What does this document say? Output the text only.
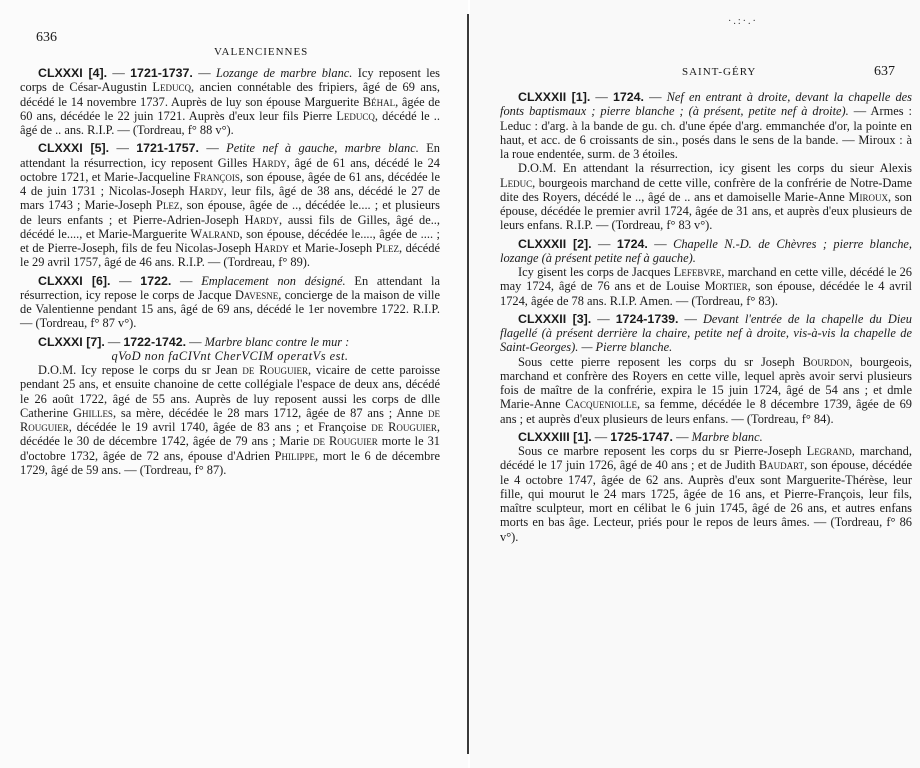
636
VALENCIENNES

CLXXXI [4]. — 1721-1737. — Lozange de marbre blanc. Icy reposent les corps de César-Augustin Leducq, ancien connétable des fripiers, âgé de 69 ans, décédé le 14 novembre 1737. Auprès de luy son épouse Marguerite Béhal, âgée de 60 ans, décédée le 22 juin 1721. Auprès d'eux leur fils Pierre Leducq, décédé le .. âgé de .. ans. R.I.P. — (Tordreau, f° 88 v°).

CLXXXI [5]. — 1721-1757. — Petite nef à gauche, marbre blanc. En attendant la résurrection, icy reposent Gilles Hardy, âgé de 61 ans, décédé le 24 octobre 1721, et Marie-Jacqueline François, son épouse, âgée de 61 ans, décédée le 4 de juin 1731 ; Nicolas-Joseph Hardy, leur fils, âgé de 38 ans, décédé le 27 de mars 1743 ; Marie-Joseph Plez, son épouse, âgée de .., décédée le.... ; et plusieurs de leurs enfants ; et Pierre-Adrien-Joseph Hardy, aussi fils de Gilles, âgé de.., décédé le...., et Marie-Marguerite Walrand, son épouse, décédée le...., âgée de .... ; et de Pierre-Joseph, fils de feu Nicolas-Joseph Hardy et Marie-Joseph Plez, décédé le 29 avril 1757, âgé de 46 ans. R.I.P. — (Tordreau, f° 89).

CLXXXI [6]. — 1722. — Emplacement non désigné. En attendant la résurrection, icy repose le corps de Jacque Davesne, concierge de la maison de ville de Valentienne pendant 15 ans, âgé de 69 ans, décédé le 1er novembre 1722. R.I.P. — (Tordreau, f° 87 v°).

CLXXXI [7]. — 1722-1742. — Marbre blanc contre le mur :

qVoD non faCIVnt CherVCIM operatVs est.

D.O.M. Icy repose le corps du sr Jean de Rouguier, vicaire de cette paroisse pendant 25 ans, et ensuite chanoine de cette collégiale l'espace de deux ans, décédé le 26 août 1722, âgé de 55 ans. Auprès de luy reposent aussi les corps de dlle Catherine Ghilles, sa mère, décédée le 28 mars 1712, âgée de 87 ans ; Anne de Rouguier, décédée le 19 avril 1740, âgée de 83 ans ; et Françoise de Rouguier, décédée le 30 de décembre 1742, âgée de 79 ans ; Marie de Rouguier morte le 31 d'octobre 1732, âgée de 72 ans, épouse d'Adrien Philippe, mort le 6 de décembre 1729, âgé de 59 ans. — (Tordreau, f° 87).

·.:·.·
SAINT-GÉRY	637

CLXXXII [1]. — 1724. — Nef en entrant à droite, devant la chapelle des fonts baptismaux ; pierre blanche ; (à présent, petite nef à droite). — Armes : Leduc : d'arg. à la bande de gu. ch. d'une épée d'arg. emmanchée d'or, la pointe en haut, et acc. de 6 croissants de sin., posés dans le sens de la bande. — Miroux : à la roue endentée, surm. de 3 étoiles.

D.O.M. En attendant la résurrection, icy gisent les corps du sieur Alexis Leduc, bourgeois marchand de cette ville, confrère de la confrérie de Notre-Dame dite des Royers, décédé le .., âgé de .. ans et damoiselle Marie-Anne Miroux, son épouse, décédée le premier avril 1724, âgée de 31 ans, et auprès d'eux plusieurs de leurs enfans. R.I.P. — (Tordreau, f° 83 v°).

CLXXXII [2]. — 1724. — Chapelle N.-D. de Chèvres ; pierre blanche, lozange (à présent petite nef à gauche).

Icy gisent les corps de Jacques Lefebvre, marchand en cette ville, décédé le 26 may 1724, âgé de 76 ans et de Louise Mortier, son épouse, décédée le 4 avril 1724, âgée de 78 ans. R.I.P. Amen. — (Tordreau, f° 83).

CLXXXII [3]. — 1724-1739. — Devant l'entrée de la chapelle du Dieu flagellé (à présent derrière la chaire, petite nef à droite, vis-à-vis la chapelle de Saint-Georges). — Pierre blanche.

Sous cette pierre reposent les corps du sr Joseph Bourdon, bourgeois, marchand et confrère des Royers en cette ville, lequel après avoir servi plusieurs fois de maître de la confrérie, expira le 15 juin 1724, âgé de 54 ans ; et dmle Marie-Anne Cacqueniolle, sa femme, décédée le 8 décembre 1739, âgée de 69 ans ; et auprès d'eux plusieurs de leurs enfans. — (Tordreau, f° 84).

CLXXXIII [1]. — 1725-1747. — Marbre blanc.

Sous ce marbre reposent les corps du sr Pierre-Joseph Legrand, marchand, décédé le 17 juin 1726, âgé de 40 ans ; et de Judith Baudart, son épouse, décédée le 4 octobre 1747, âgée de 62 ans. Auprès d'eux sont Marguerite-Thérèse, leur fille, qui mourut le 24 mars 1725, âgée de 16 ans, et Pierre-François, leur fils, maître sculpteur, mort en célibat le 6 juin 1745, âgé de 26 ans, et autres enfans morts en bas âge. Lecteur, priés pour le repos de leurs âmes. — (Tordreau, f° 86 v°).
